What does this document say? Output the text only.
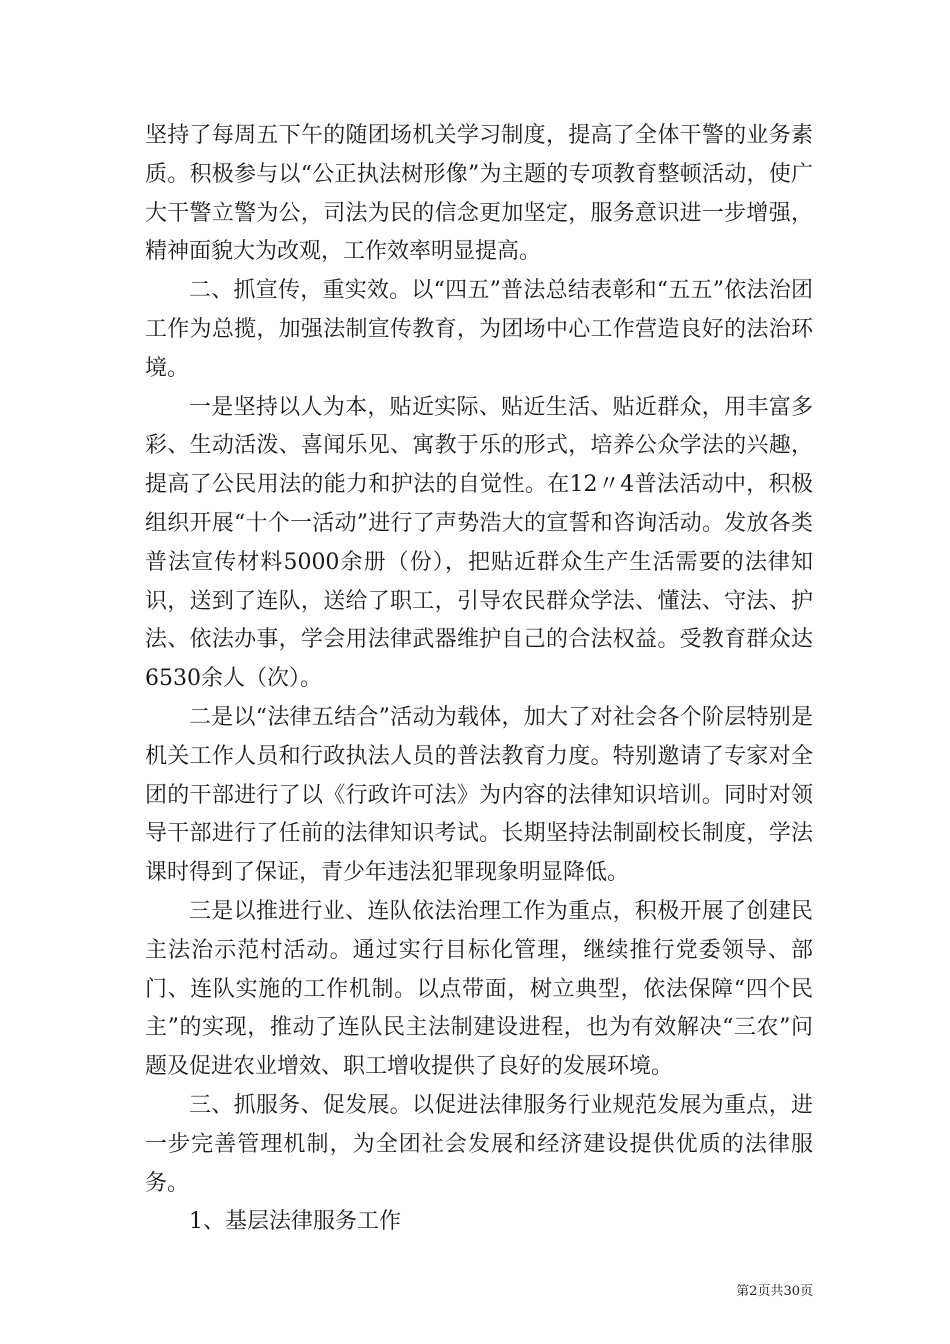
坚持了每周五下午的随团场机关学习制度，提高了全体干警的业务素质。积极参与以“公正执法树形像”为主题的专项教育整顿活动，使广大干警立警为公，司法为民的信念更加坚定，服务意识进一步增强，精神面貌大为改观，工作效率明显提高。

二、抓宣传，重实效。以“四五”普法总结表彰和“五五”依法治团工作为总揽，加强法制宣传教育，为团场中心工作营造良好的法治环境。

一是坚持以人为本，贴近实际、贴近生活、贴近群众，用丰富多彩、生动活泼、喜闻乐见、寓教于乐的形式，培养公众学法的兴趣，提高了公民用法的能力和护法的自觉性。在12〃4普法活动中，积极组织开展“十个一活动”进行了声势浩大的宣誓和咨询活动。发放各类普法宣传材料5000余册（份），把贴近群众生产生活需要的法律知识，送到了连队，送给了职工，引导农民群众学法、懂法、守法、护法、依法办事，学会用法律武器维护自己的合法权益。受教育群众达6530余人（次）。

二是以“法律五结合”活动为载体，加大了对社会各个阶层特别是机关工作人员和行政执法人员的普法教育力度。特别邀请了专家对全团的干部进行了以《行政许可法》为内容的法律知识培训。同时对领导干部进行了任前的法律知识考试。长期坚持法制副校长制度，学法课时得到了保证，青少年违法犯罪现象明显降低。

三是以推进行业、连队依法治理工作为重点，积极开展了创建民主法治示范村活动。通过实行目标化管理，继续推行党委领导、部门、连队实施的工作机制。以点带面，树立典型，依法保障“四个民主”的实现，推动了连队民主法制建设进程，也为有效解决“三农”问题及促进农业增效、职工增收提供了良好的发展环境。

三、抓服务、促发展。以促进法律服务行业规范发展为重点，进一步完善管理机制，为全团社会发展和经济建设提供优质的法律服务。

1、基层法律服务工作

第2页共30页
